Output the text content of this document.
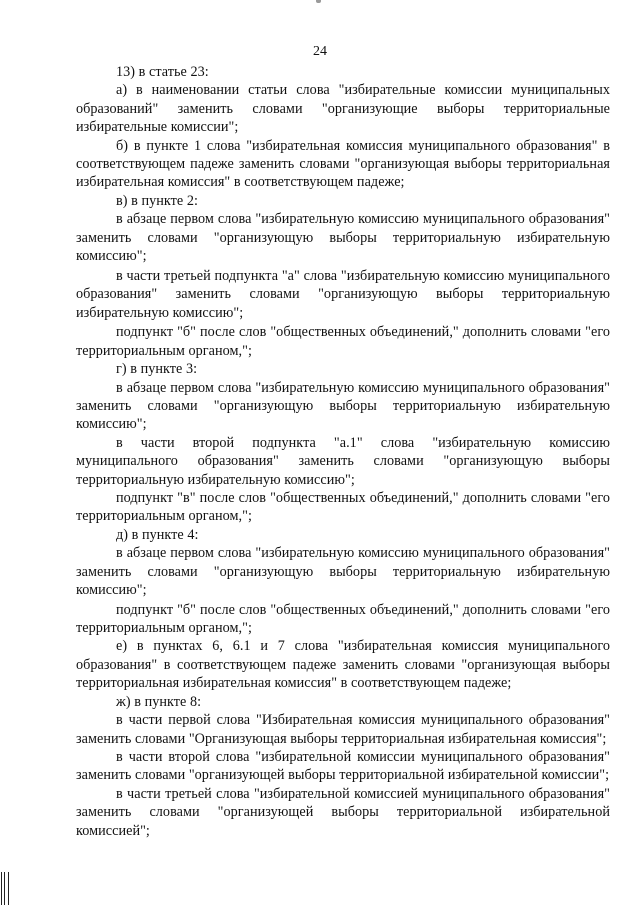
24

13) в статье 23:

а) в наименовании статьи слова "избирательные комиссии муниципальных образований" заменить словами "организующие выборы территориальные избирательные комиссии";

б) в пункте 1 слова "избирательная комиссия муниципального образования" в соответствующем падеже заменить словами "организующая выборы территориальная избирательная комиссия" в соответствующем падеже;

в) в пункте 2:

в абзаце первом слова "избирательную комиссию муниципального образования" заменить словами "организующую выборы территориальную избирательную комиссию";

в части третьей подпункта "а" слова "избирательную комиссию муниципального образования" заменить словами "организующую выборы территориальную избирательную комиссию";

подпункт "б" после слов "общественных объединений," дополнить словами "его территориальным органом,";

г) в пункте 3:

в абзаце первом слова "избирательную комиссию муниципального образования" заменить словами "организующую выборы территориальную избирательную комиссию";

в части второй подпункта "а.1" слова "избирательную комиссию муниципального образования" заменить словами "организующую выборы территориальную избирательную комиссию";

подпункт "в" после слов "общественных объединений," дополнить словами "его территориальным органом,";

д) в пункте 4:

в абзаце первом слова "избирательную комиссию муниципального образования" заменить словами "организующую выборы территориальную избирательную комиссию";

подпункт "б" после слов "общественных объединений," дополнить словами "его территориальным органом,";

е) в пунктах 6, 6.1 и 7 слова "избирательная комиссия муниципального образования" в соответствующем падеже заменить словами "организующая выборы территориальная избирательная комиссия" в соответствующем падеже;

ж) в пункте 8:

в части первой слова "Избирательная комиссия муниципального образования" заменить словами "Организующая выборы территориальная избирательная комиссия";

в части второй слова "избирательной комиссии муниципального образования" заменить словами "организующей выборы территориальной избирательной комиссии";

в части третьей слова "избирательной комиссией муниципального образования" заменить словами "организующей выборы территориальной избирательной комиссией";
